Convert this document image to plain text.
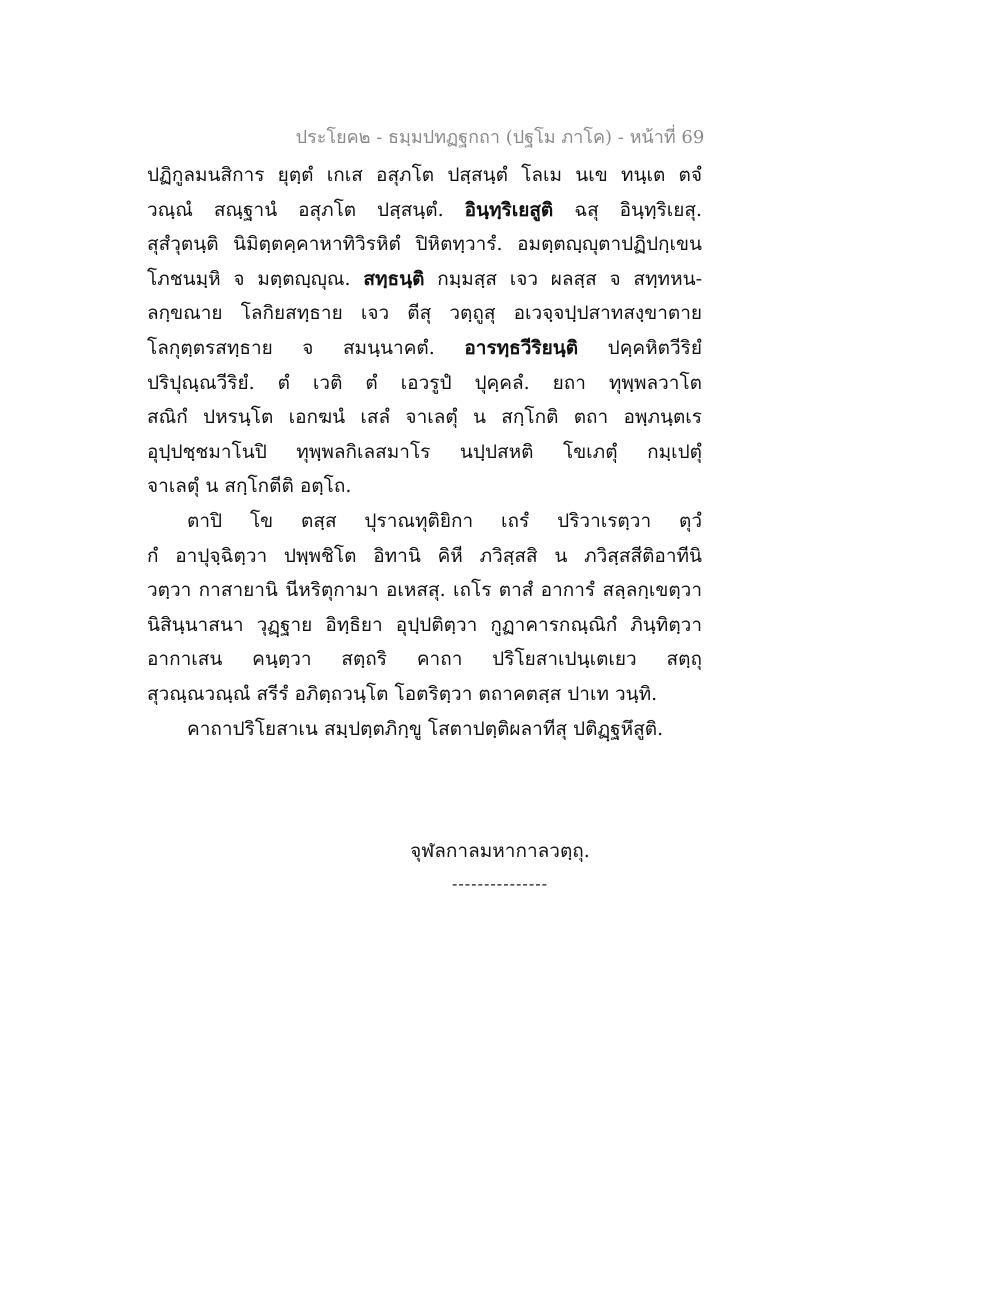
ประโยค๒ - ธมฺมปทฏฐกถา (ปฐโม ภาโค) - หน้าที่ 69
ปฏิกูลมนสิการ ยุตฺตํ เกเส อสุภโต ปสฺสนฺตํ โลเม นเข ทนฺเต ตจํ
วณฺณํ สณฺฐานํ อสุภโต ปสฺสนฺตํ. อินฺทฺริเยสูติ ฉสุ อินฺทฺริเยสุ.
สุสํวุตนฺติ นิมิตฺตคฺคาหาทิวิรหิตํ ปิหิตทฺวารํ. อมตฺตญฺญุตาปฏิปกฺเขน
โภชนมฺหิ จ มตฺตญฺญุณ. สทฺธนฺติ กมฺมสฺส เจว ผลสฺส จ สทฺทหน-
ลกฺขณาย โลกิยสทฺธาย เจว ตีสุ วตฺถูสุ อเวจฺจปฺปสาทสงฺขาตาย
โลกุตฺตรสทฺธาย จ สมนฺนาคตํ. อารทฺธวีริยนฺติ ปคฺคหิตวีริยํ
ปริปุณฺณวีริยํ. ตํ เวติ ตํ เอวรูปํ ปุคฺคลํ. ยถา ทุพฺพลวาโต
สณิกํ ปหรนฺโต เอกฆนํ เสลํ จาเลตุํ น สกฺโกติ ตถา อพฺภนฺตเร
อุปฺปชฺชมาโนปิ ทุพฺพลกิเลสมาโร นปฺปสหติ โขเภตุํ กมฺเปตุํ
จาเลตุํ น สกฺโกตีติ อตฺโถ.
ตาปิ โข ตสฺส ปุราณทุติยิกา เถรํ ปริวาเรตฺวา ตุวํ
กํ อาปุจฺฉิตฺวา ปพฺพชิโต อิทานิ คิหี ภวิสฺสสิ น ภวิสฺสสีติอาทีนิ
วตฺวา กาสายานิ นีหริตุกามา อเหสสุ. เถโร ตาสํ อาการํ สลฺลกฺเขตฺวา
นิสินฺนาสนา วุฏฺฐาย อิทฺธิยา อุปฺปติตฺวา กูฏาคารกณฺณิกํ ภินฺทิตฺวา
อากาเสน คนฺตฺวา สตฺถริ คาถา ปริโยสาเปนฺเตเยว สตฺถุ
สุวณฺณวณฺณํ สรีรํ อภิตฺถวนฺโต โอตริตฺวา ตถาคตสฺส ปาเท วนฺทิ.
คาถาปริโยสาเน สมฺปตฺตภิกฺขู โสตาปตฺติผลาทีสุ ปติฏฺฐหึสูติ.
จุฬลกาลมหากาลวตฺถุ.
---------------
